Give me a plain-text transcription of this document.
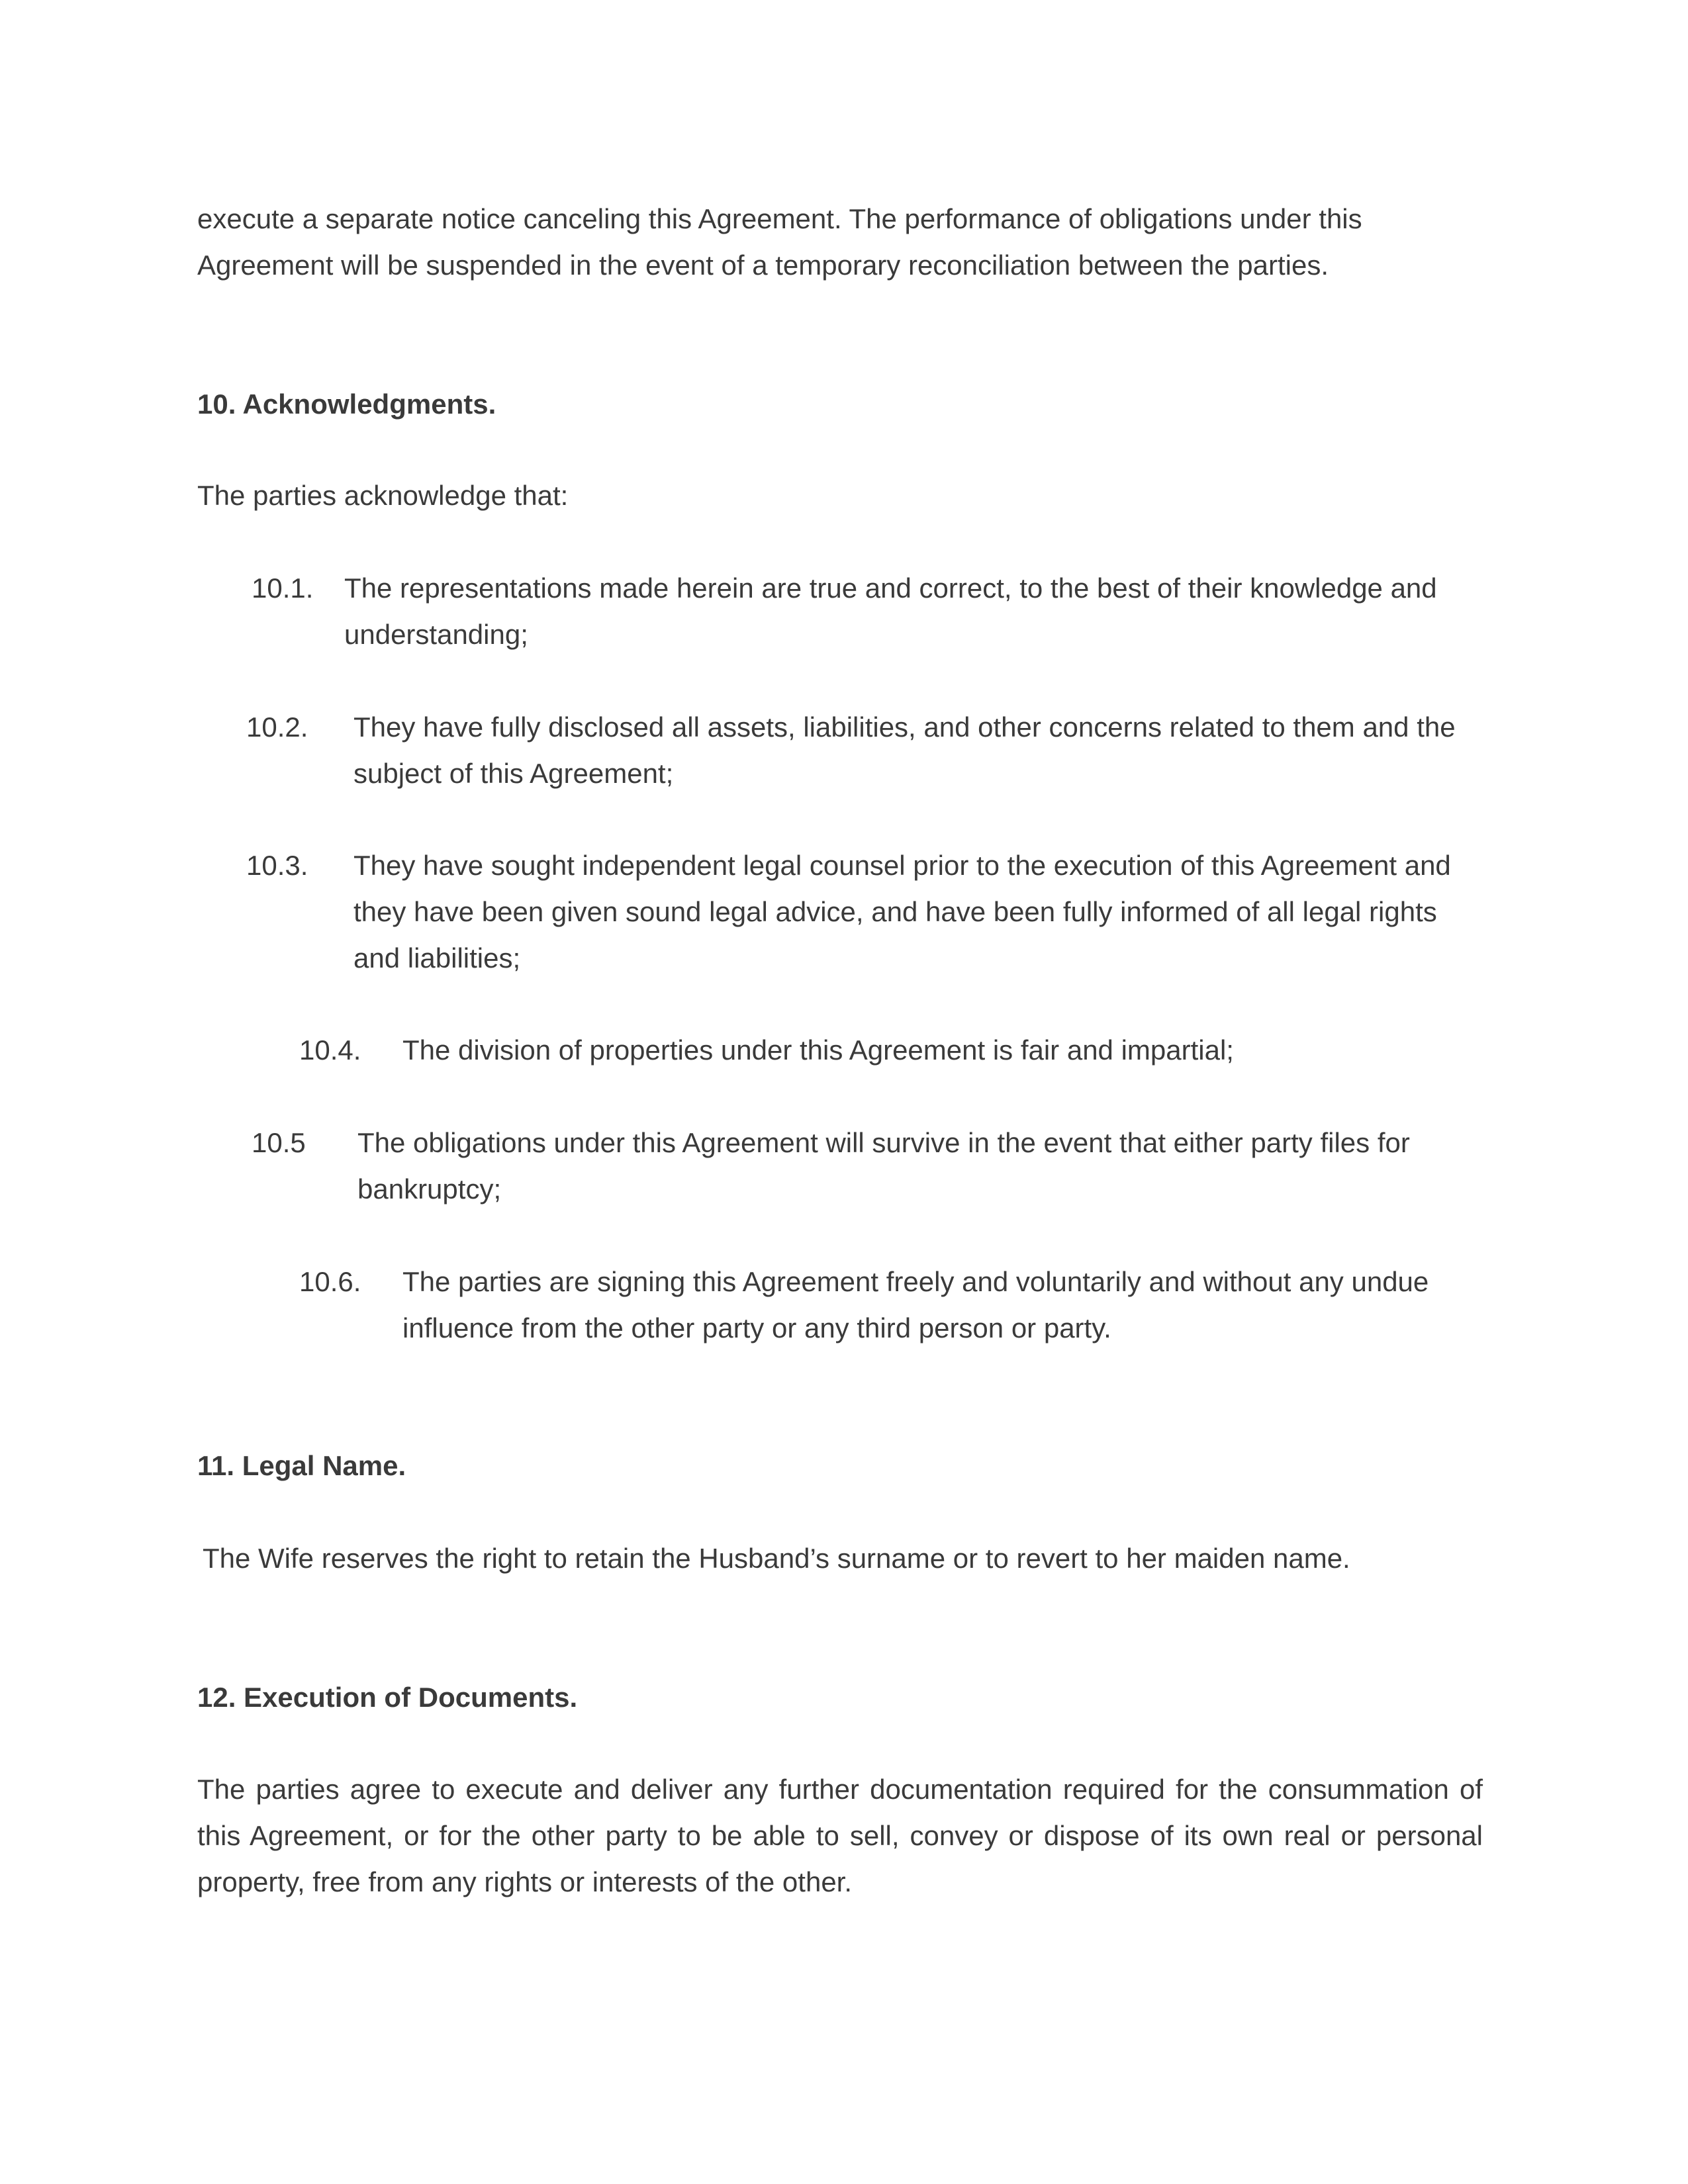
execute a separate notice canceling this Agreement. The performance of obligations under this Agreement will be suspended in the event of a temporary reconciliation between the parties.

10. Acknowledgments.

The parties acknowledge that:

10.1. The representations made herein are true and correct, to the best of their knowledge and understanding;

10.2. They have fully disclosed all assets, liabilities, and other concerns related to them and the subject of this Agreement;

10.3. They have sought independent legal counsel prior to the execution of this Agreement and they have been given sound legal advice, and have been fully informed of all legal rights and liabilities;

10.4. The division of properties under this Agreement is fair and impartial;

10.5 The obligations under this Agreement will survive in the event that either party files for bankruptcy;

10.6. The parties are signing this Agreement freely and voluntarily and without any undue influence from the other party or any third person or party.

11. Legal Name.

The Wife reserves the right to retain the Husband’s surname or to revert to her maiden name.

12. Execution of Documents.

The parties agree to execute and deliver any further documentation required for the consummation of this Agreement, or for the other party to be able to sell, convey or dispose of its own real or personal property, free from any rights or interests of the other.
